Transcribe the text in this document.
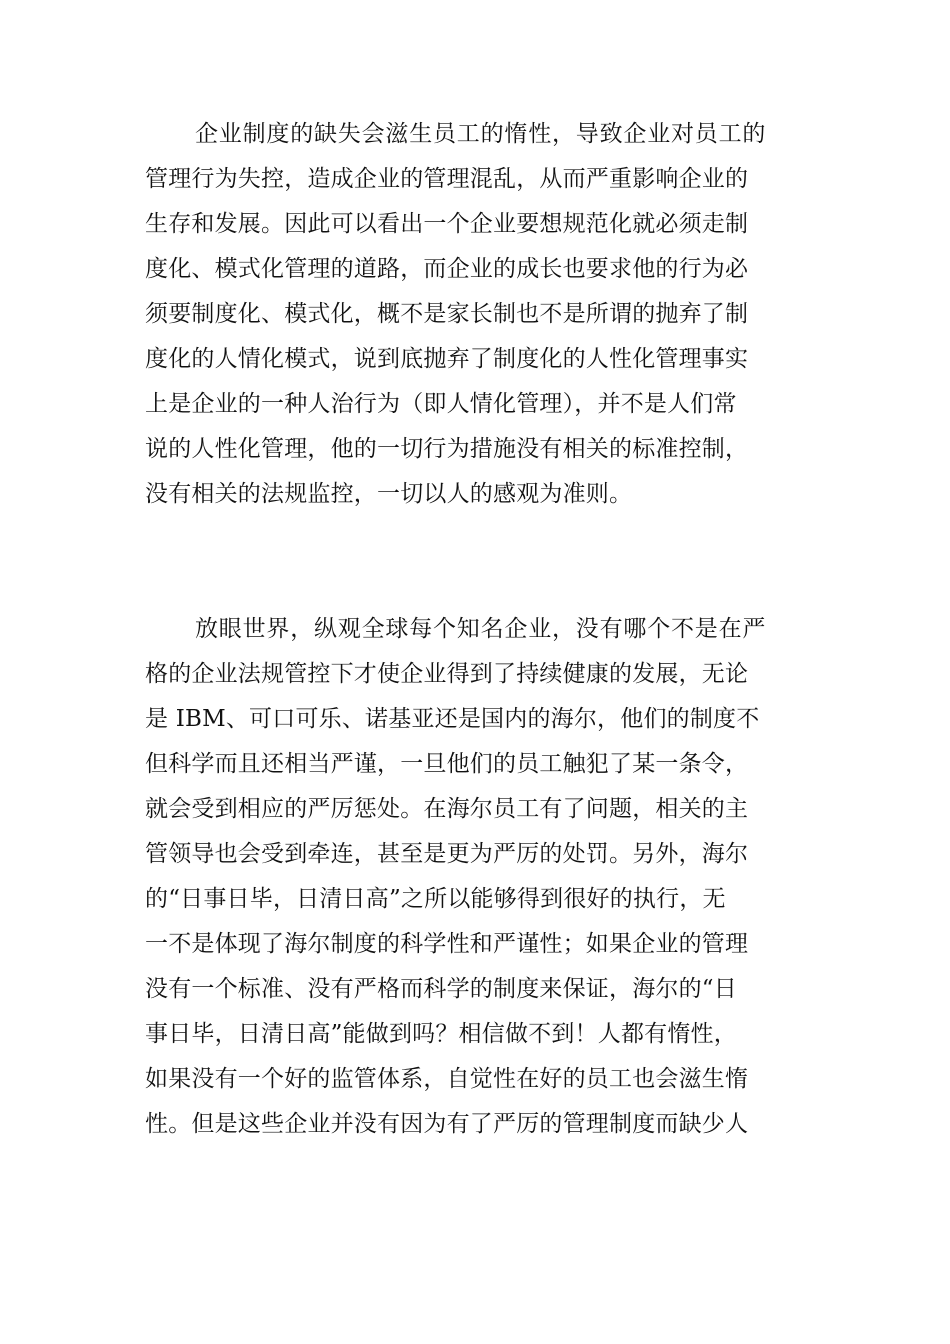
企业制度的缺失会滋生员工的惰性，导致企业对员工的
管理行为失控，造成企业的管理混乱，从而严重影响企业的
生存和发展。因此可以看出一个企业要想规范化就必须走制
度化、模式化管理的道路，而企业的成长也要求他的行为必
须要制度化、模式化，概不是家长制也不是所谓的抛弃了制
度化的人情化模式，说到底抛弃了制度化的人性化管理事实
上是企业的一种人治行为（即人情化管理），并不是人们常
说的人性化管理，他的一切行为措施没有相关的标准控制，
没有相关的法规监控，一切以人的感观为准则。
放眼世界，纵观全球每个知名企业，没有哪个不是在严
格的企业法规管控下才使企业得到了持续健康的发展，无论
是 IBM、可口可乐、诺基亚还是国内的海尔，他们的制度不
但科学而且还相当严谨，一旦他们的员工触犯了某一条令，
就会受到相应的严厉惩处。在海尔员工有了问题，相关的主
管领导也会受到牵连，甚至是更为严厉的处罚。另外，海尔
的“日事日毕，日清日高”之所以能够得到很好的执行，无
一不是体现了海尔制度的科学性和严谨性；如果企业的管理
没有一个标准、没有严格而科学的制度来保证，海尔的“日
事日毕，日清日高”能做到吗？相信做不到！人都有惰性，
如果没有一个好的监管体系，自觉性在好的员工也会滋生惰
性。但是这些企业并没有因为有了严厉的管理制度而缺少人
